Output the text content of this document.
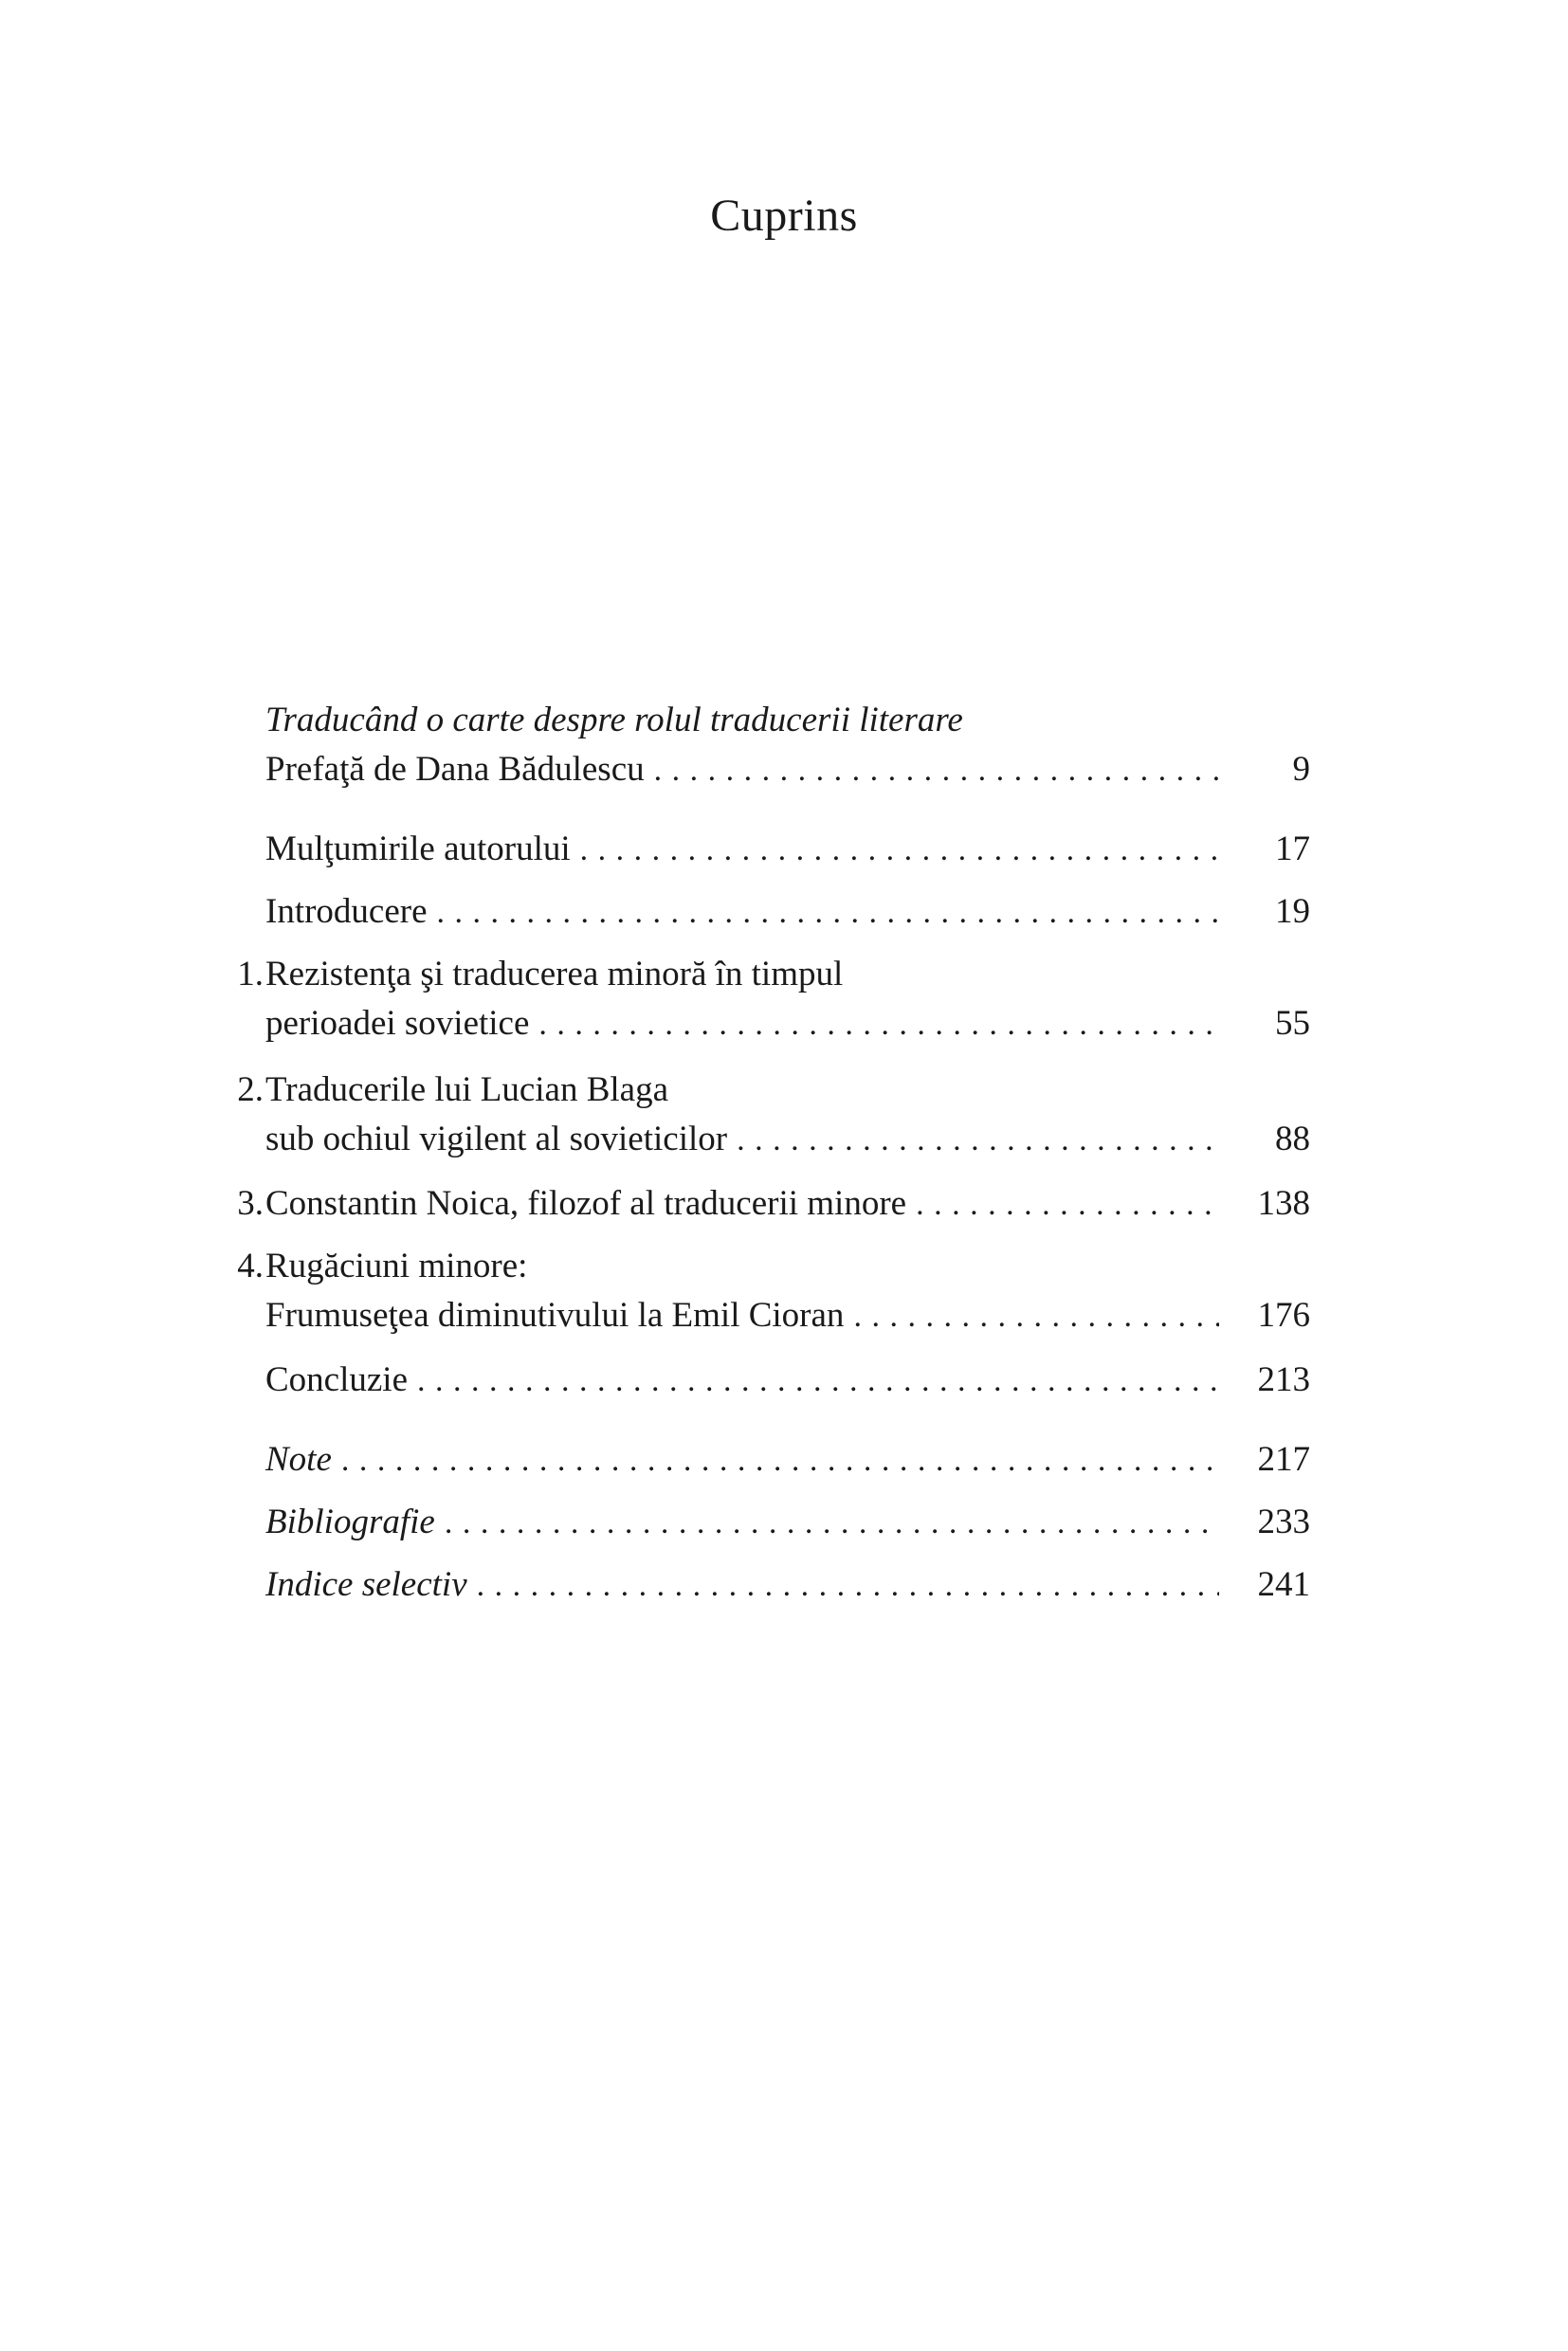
Cuprins
Traducând o carte despre rolul traducerii literare
Prefaţă de Dana Bădulescu . . .	9
Mulţumirile autorului . . .	17
Introducere . . .	19
1. Rezistenţa şi traducerea minoră în timpul
perioadei sovietice . . .	55
2. Traducerile lui Lucian Blaga
sub ochiul vigilent al sovieticilor . . .	88
3. Constantin Noica, filozof al traducerii minore . . .	138
4. Rugăciuni minore:
Frumuseţea diminutivului la Emil Cioran . . .	176
Concluzie . . .	213
Note . . .	217
Bibliografie . . .	233
Indice selectiv . . .	241
